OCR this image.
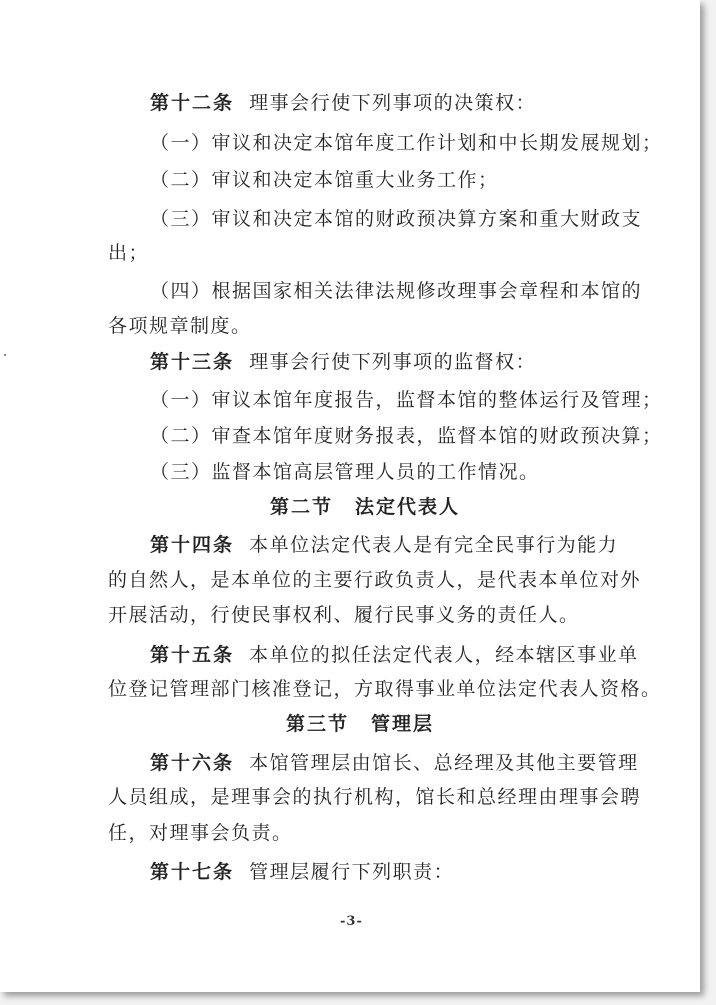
第十二条 理事会行使下列事项的决策权：
（一）审议和决定本馆年度工作计划和中长期发展规划；
（二）审议和决定本馆重大业务工作；
（三）审议和决定本馆的财政预决算方案和重大财政支
出；
（四）根据国家相关法律法规修改理事会章程和本馆的
各项规章制度。
第十三条 理事会行使下列事项的监督权：
（一）审议本馆年度报告，监督本馆的整体运行及管理；
（二）审查本馆年度财务报表，监督本馆的财政预决算；
（三）监督本馆高层管理人员的工作情况。
第二节 法定代表人
第十四条 本单位法定代表人是有完全民事行为能力
的自然人，是本单位的主要行政负责人，是代表本单位对外
开展活动，行使民事权利、履行民事义务的责任人。
第十五条 本单位的拟任法定代表人，经本辖区事业单
位登记管理部门核准登记，方取得事业单位法定代表人资格。
第三节 管理层
第十六条 本馆管理层由馆长、总经理及其他主要管理
人员组成，是理事会的执行机构，馆长和总经理由理事会聘
任，对理事会负责。
第十七条 管理层履行下列职责：
-3-
